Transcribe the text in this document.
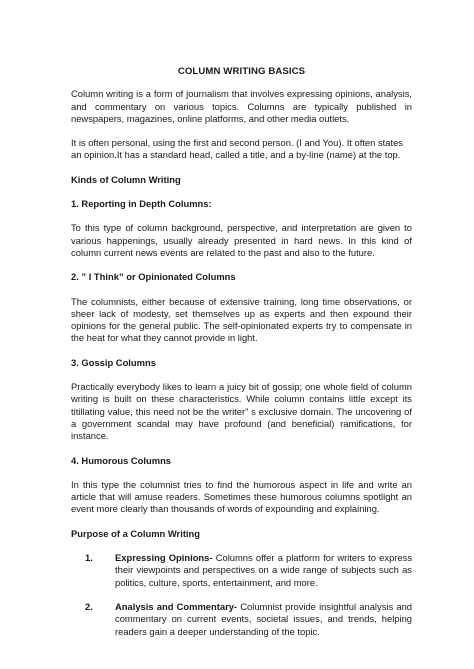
COLUMN WRITING BASICS

Column writing is a form of journalism that involves expressing opinions, analysis, and commentary on various topics. Columns are typically published in newspapers, magazines, online platforms, and other media outlets.

It is often personal, using the first and second person. (I and You). It often states an opinion.It has a standard head, called a title, and a by-line (name) at the top.

Kinds of Column Writing
1. Reporting in Depth Columns:

To this type of column background, perspective, and interpretation are given to various happenings, usually already presented in hard news. In this kind of column current news events are related to the past and also to the future.

2. ” I Think” or Opinionated Columns

The columnists, either because of extensive training, long time observations, or sheer lack of modesty, set themselves up as experts and then expound their opinions for the general public. The self-opinionated experts try to compensate in the heat for what they cannot provide in light.

3. Gossip Columns

Practically everybody likes to learn a juicy bit of gossip; one whole field of column writing is built on these characteristics. While column contains little except its titillating value, this need not be the writer” s exclusive domain. The uncovering of a government scandal may have profound (and beneficial) ramifications, for instance.

4. Humorous Columns

In this type the columnist tries to find the humorous aspect in life and write an article that will amuse readers. Sometimes these humorous columns spotlight an event more clearly than thousands of words of expounding and explaining.

Purpose of a Column Writing
1. Expressing Opinions- Columns offer a platform for writers to express their viewpoints and perspectives on a wide range of subjects such as politics, culture, sports, entertainment, and more.
2. Analysis and Commentary- Columnist provide insightful analysis and commentary on current events, societal issues, and trends, helping readers gain a deeper understanding of the topic.
